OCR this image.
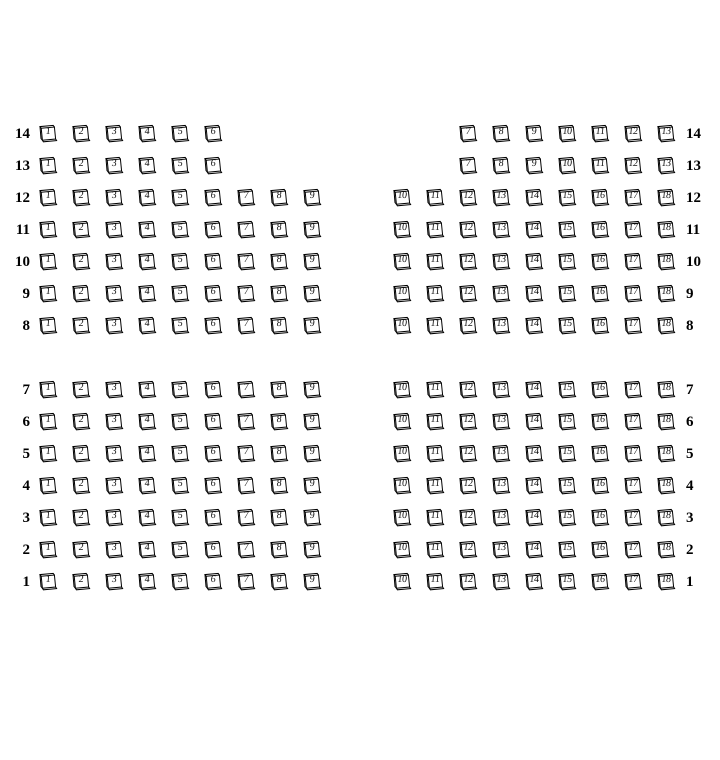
14	14
1	2	3	4	5	6	7	8	9	10	11	12	13
13	13
1	2	3	4	5	6	7	8	9	10	11	12	13
12	12
1	2	3	4	5	6	7	8	9	10	11	12	13	14	15	16	17	18
11	11
1	2	3	4	5	6	7	8	9	10	11	12	13	14	15	16	17	18
10	10
1	2	3	4	5	6	7	8	9	10	11	12	13	14	15	16	17	18
9	9
1	2	3	4	5	6	7	8	9	10	11	12	13	14	15	16	17	18
8	8
1	2	3	4	5	6	7	8	9	10	11	12	13	14	15	16	17	18
7	7
1	2	3	4	5	6	7	8	9	10	11	12	13	14	15	16	17	18
6	6
1	2	3	4	5	6	7	8	9	10	11	12	13	14	15	16	17	18
5	5
1	2	3	4	5	6	7	8	9	10	11	12	13	14	15	16	17	18
4	4
1	2	3	4	5	6	7	8	9	10	11	12	13	14	15	16	17	18
3	3
1	2	3	4	5	6	7	8	9	10	11	12	13	14	15	16	17	18
2	2
1	2	3	4	5	6	7	8	9	10	11	12	13	14	15	16	17	18
1	1
1	2	3	4	5	6	7	8	9	10	11	12	13	14	15	16	17	18
